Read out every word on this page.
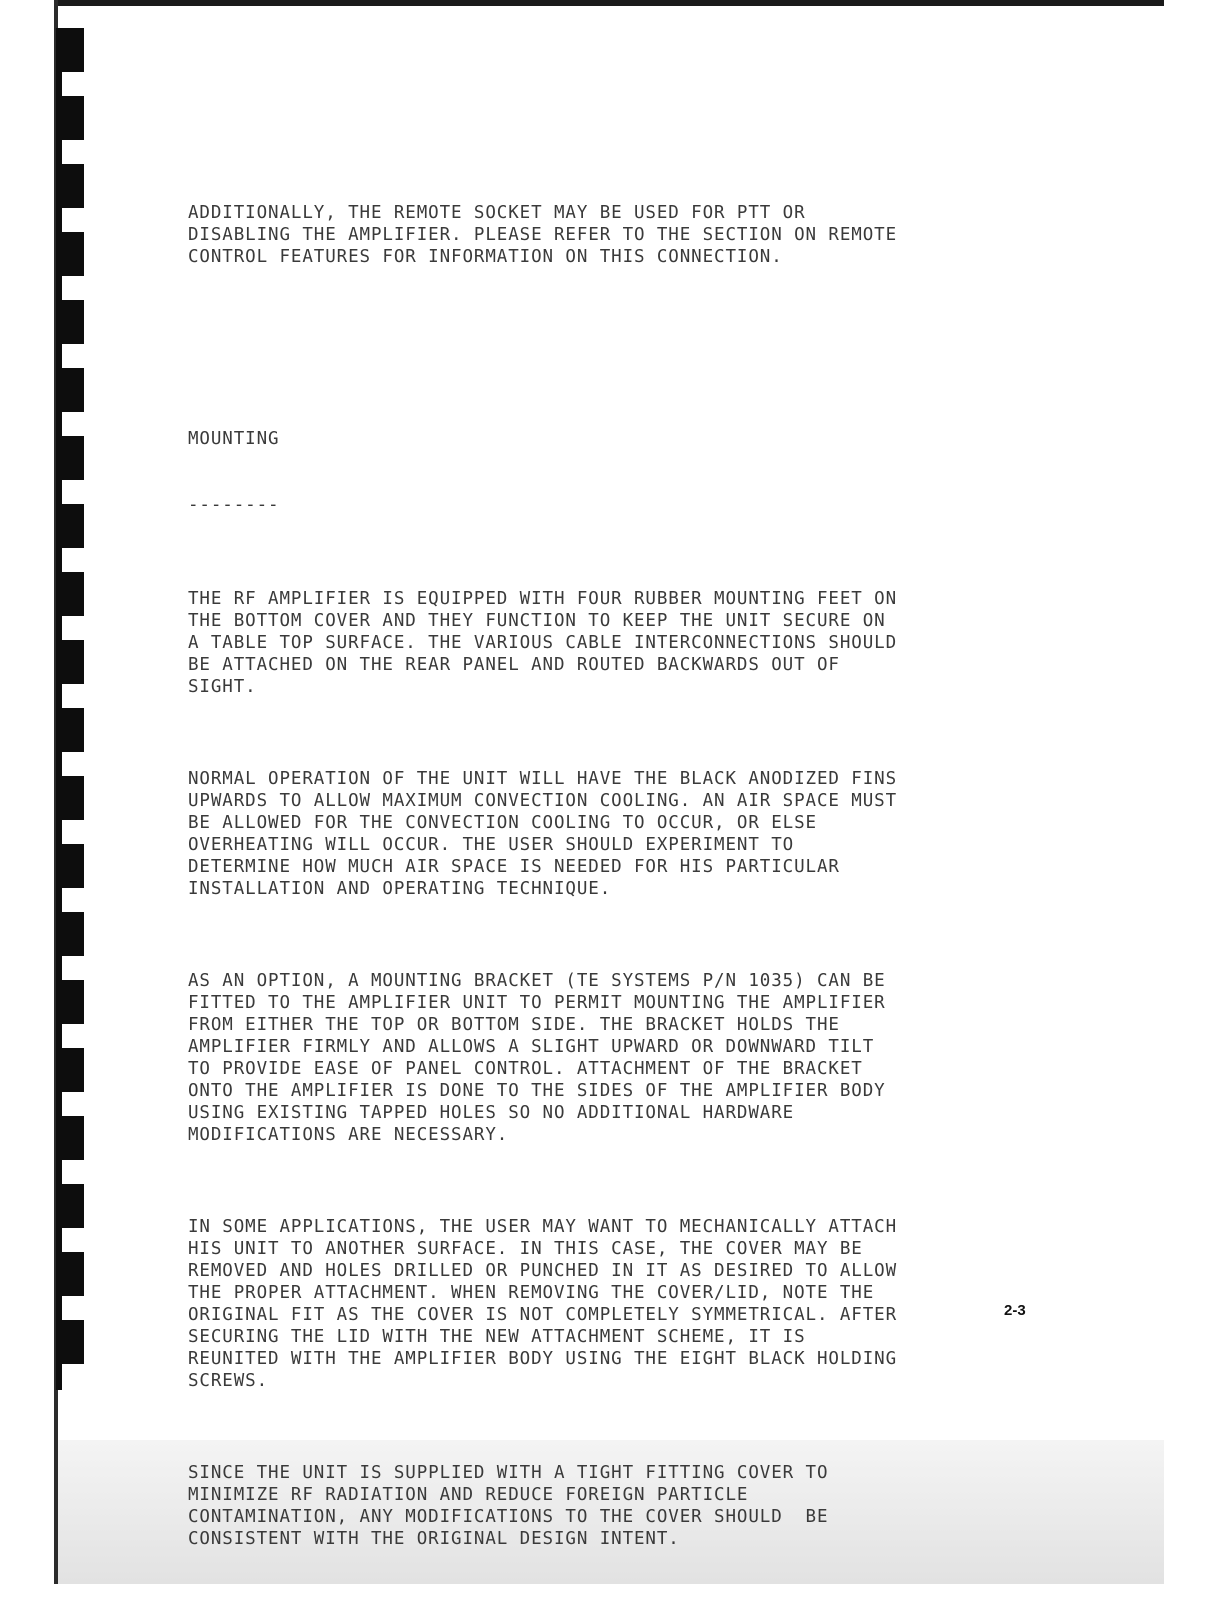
ADDITIONALLY, THE REMOTE SOCKET MAY BE USED FOR PTT OR
DISABLING THE AMPLIFIER. PLEASE REFER TO THE SECTION ON REMOTE
CONTROL FEATURES FOR INFORMATION ON THIS CONNECTION.

MOUNTING

--------

THE RF AMPLIFIER IS EQUIPPED WITH FOUR RUBBER MOUNTING FEET ON
THE BOTTOM COVER AND THEY FUNCTION TO KEEP THE UNIT SECURE ON
A TABLE TOP SURFACE. THE VARIOUS CABLE INTERCONNECTIONS SHOULD
BE ATTACHED ON THE REAR PANEL AND ROUTED BACKWARDS OUT OF
SIGHT.

NORMAL OPERATION OF THE UNIT WILL HAVE THE BLACK ANODIZED FINS
UPWARDS TO ALLOW MAXIMUM CONVECTION COOLING. AN AIR SPACE MUST
BE ALLOWED FOR THE CONVECTION COOLING TO OCCUR, OR ELSE
OVERHEATING WILL OCCUR. THE USER SHOULD EXPERIMENT TO
DETERMINE HOW MUCH AIR SPACE IS NEEDED FOR HIS PARTICULAR
INSTALLATION AND OPERATING TECHNIQUE.

AS AN OPTION, A MOUNTING BRACKET (TE SYSTEMS P/N 1035) CAN BE
FITTED TO THE AMPLIFIER UNIT TO PERMIT MOUNTING THE AMPLIFIER
FROM EITHER THE TOP OR BOTTOM SIDE. THE BRACKET HOLDS THE
AMPLIFIER FIRMLY AND ALLOWS A SLIGHT UPWARD OR DOWNWARD TILT
TO PROVIDE EASE OF PANEL CONTROL. ATTACHMENT OF THE BRACKET
ONTO THE AMPLIFIER IS DONE TO THE SIDES OF THE AMPLIFIER BODY
USING EXISTING TAPPED HOLES SO NO ADDITIONAL HARDWARE
MODIFICATIONS ARE NECESSARY.

IN SOME APPLICATIONS, THE USER MAY WANT TO MECHANICALLY ATTACH
HIS UNIT TO ANOTHER SURFACE. IN THIS CASE, THE COVER MAY BE
REMOVED AND HOLES DRILLED OR PUNCHED IN IT AS DESIRED TO ALLOW
THE PROPER ATTACHMENT. WHEN REMOVING THE COVER/LID, NOTE THE
ORIGINAL FIT AS THE COVER IS NOT COMPLETELY SYMMETRICAL. AFTER
SECURING THE LID WITH THE NEW ATTACHMENT SCHEME, IT IS
REUNITED WITH THE AMPLIFIER BODY USING THE EIGHT BLACK HOLDING
SCREWS.

SINCE THE UNIT IS SUPPLIED WITH A TIGHT FITTING COVER TO
MINIMIZE RF RADIATION AND REDUCE FOREIGN PARTICLE
CONTAMINATION, ANY MODIFICATIONS TO THE COVER SHOULD  BE
CONSISTENT WITH THE ORIGINAL DESIGN INTENT.

2-3
